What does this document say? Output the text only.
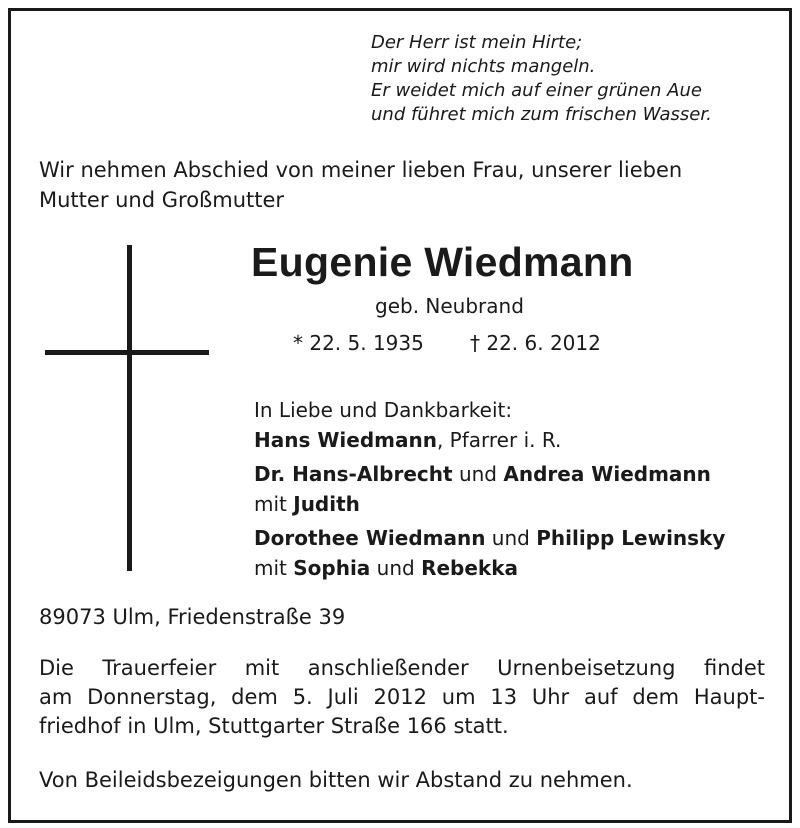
Der Herr ist mein Hirte;
mir wird nichts mangeln.
Er weidet mich auf einer grünen Aue
und führet mich zum frischen Wasser.
Wir nehmen Abschied von meiner lieben Frau, unserer lieben
Mutter und Großmutter
Eugenie Wiedmann
geb. Neubrand
* 22. 5. 1935 † 22. 6. 2012
In Liebe und Dankbarkeit:
Hans Wiedmann, Pfarrer i. R.
Dr. Hans-Albrecht und Andrea Wiedmann
mit Judith
Dorothee Wiedmann und Philipp Lewinsky
mit Sophia und Rebekka
89073 Ulm, Friedenstraße 39
Die Trauerfeier mit anschließender Urnenbeisetzung findet
am Donnerstag, dem 5. Juli 2012 um 13 Uhr auf dem Haupt-
friedhof in Ulm, Stuttgarter Straße 166 statt.
Von Beileidsbezeigungen bitten wir Abstand zu nehmen.
